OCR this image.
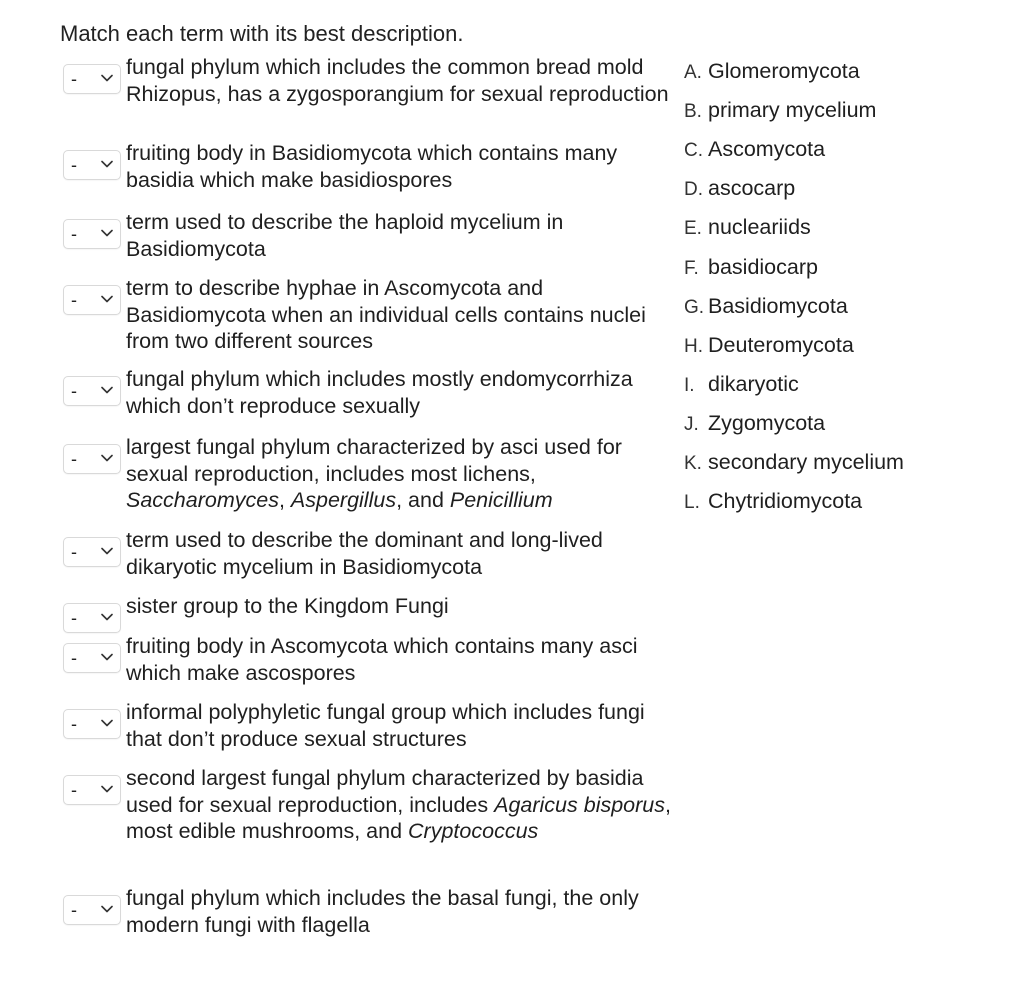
Match each term with its best description.
- fungal phylum which includes the common bread mold Rhizopus, has a zygosporangium for sexual reproduction
- fruiting body in Basidiomycota which contains many basidia which make basidiospores
- term used to describe the haploid mycelium in Basidiomycota
- term to describe hyphae in Ascomycota and Basidiomycota when an individual cells contains nuclei from two different sources
- fungal phylum which includes mostly endomycorrhiza which don’t reproduce sexually
- largest fungal phylum characterized by asci used for sexual reproduction, includes most lichens, Saccharomyces, Aspergillus, and Penicillium
- term used to describe the dominant and long-lived dikaryotic mycelium in Basidiomycota
- sister group to the Kingdom Fungi
- fruiting body in Ascomycota which contains many asci which make ascospores
- informal polyphyletic fungal group which includes fungi that don’t produce sexual structures
- second largest fungal phylum characterized by basidia used for sexual reproduction, includes Agaricus bisporus, most edible mushrooms, and Cryptococcus
- fungal phylum which includes the basal fungi, the only modern fungi with flagella
A. Glomeromycota
B. primary mycelium
C. Ascomycota
D. ascocarp
E. nucleariids
F. basidiocarp
G. Basidiomycota
H. Deuteromycota
I. dikaryotic
J. Zygomycota
K. secondary mycelium
L. Chytridiomycota
